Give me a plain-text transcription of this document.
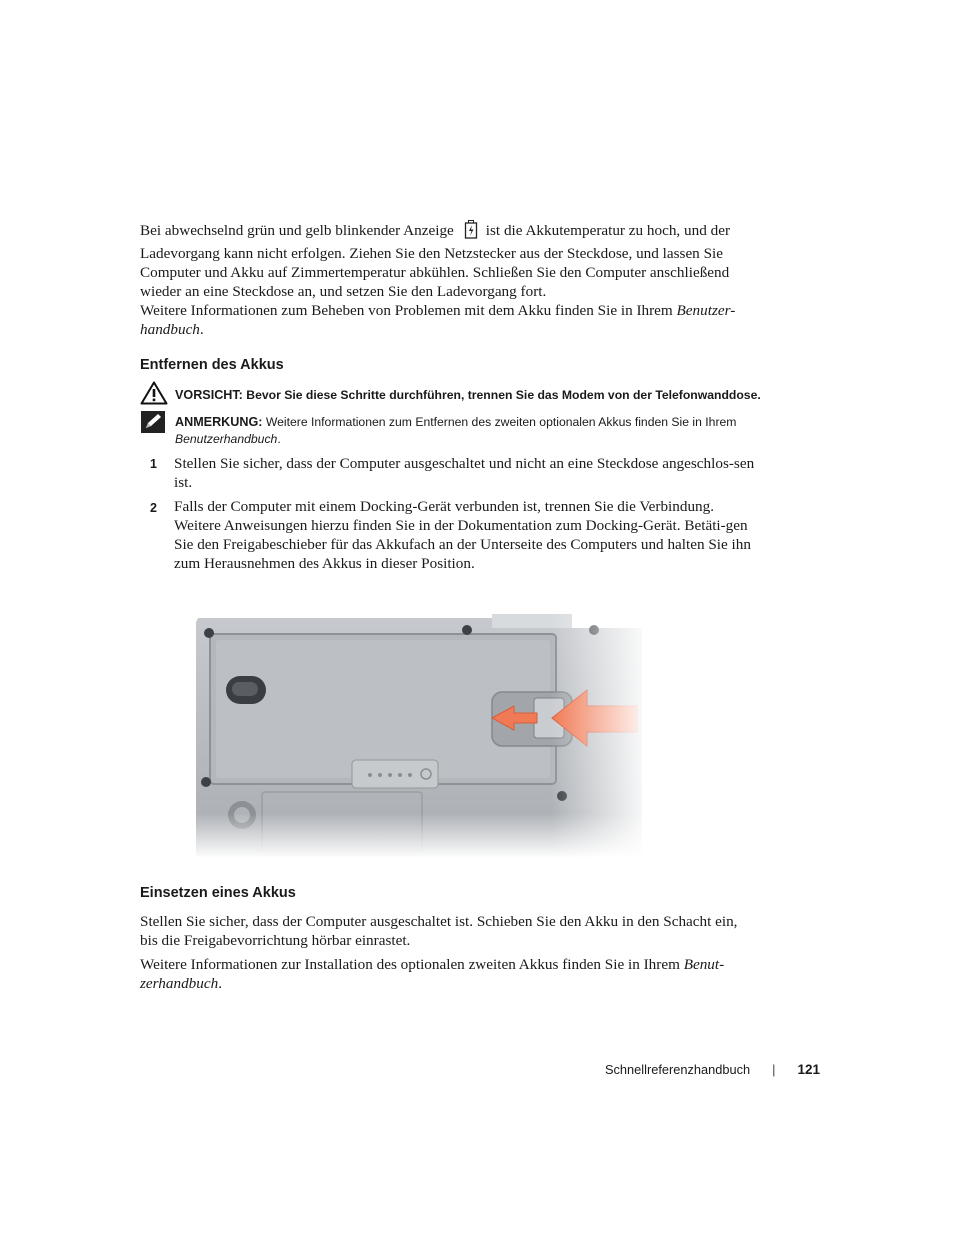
Bei abwechselnd grün und gelb blinkender Anzeige ist die Akkutemperatur zu hoch, und der Ladevorgang kann nicht erfolgen. Ziehen Sie den Netzstecker aus der Steckdose, und lassen Sie Computer und Akku auf Zimmertemperatur abkühlen. Schließen Sie den Computer anschließend wieder an eine Steckdose an, und setzen Sie den Ladevorgang fort.

Weitere Informationen zum Beheben von Problemen mit dem Akku finden Sie in Ihrem Benutzer-handbuch.

Entfernen des Akkus
VORSICHT: Bevor Sie diese Schritte durchführen, trennen Sie das Modem von der Telefonwanddose.
ANMERKUNG: Weitere Informationen zum Entfernen des zweiten optionalen Akkus finden Sie in Ihrem Benutzerhandbuch.
1 Stellen Sie sicher, dass der Computer ausgeschaltet und nicht an eine Steckdose angeschlos-sen ist.
2 Falls der Computer mit einem Docking-Gerät verbunden ist, trennen Sie die Verbindung. Weitere Anweisungen hierzu finden Sie in der Dokumentation zum Docking-Gerät. Betäti-gen Sie den Freigabeschieber für das Akkufach an der Unterseite des Computers und halten Sie ihn zum Herausnehmen des Akkus in dieser Position.
Einsetzen eines Akkus

Stellen Sie sicher, dass der Computer ausgeschaltet ist. Schieben Sie den Akku in den Schacht ein, bis die Freigabevorrichtung hörbar einrastet.

Weitere Informationen zur Installation des optionalen zweiten Akkus finden Sie in Ihrem Benut-zerhandbuch.

Schnellreferenzhandbuch | 121
